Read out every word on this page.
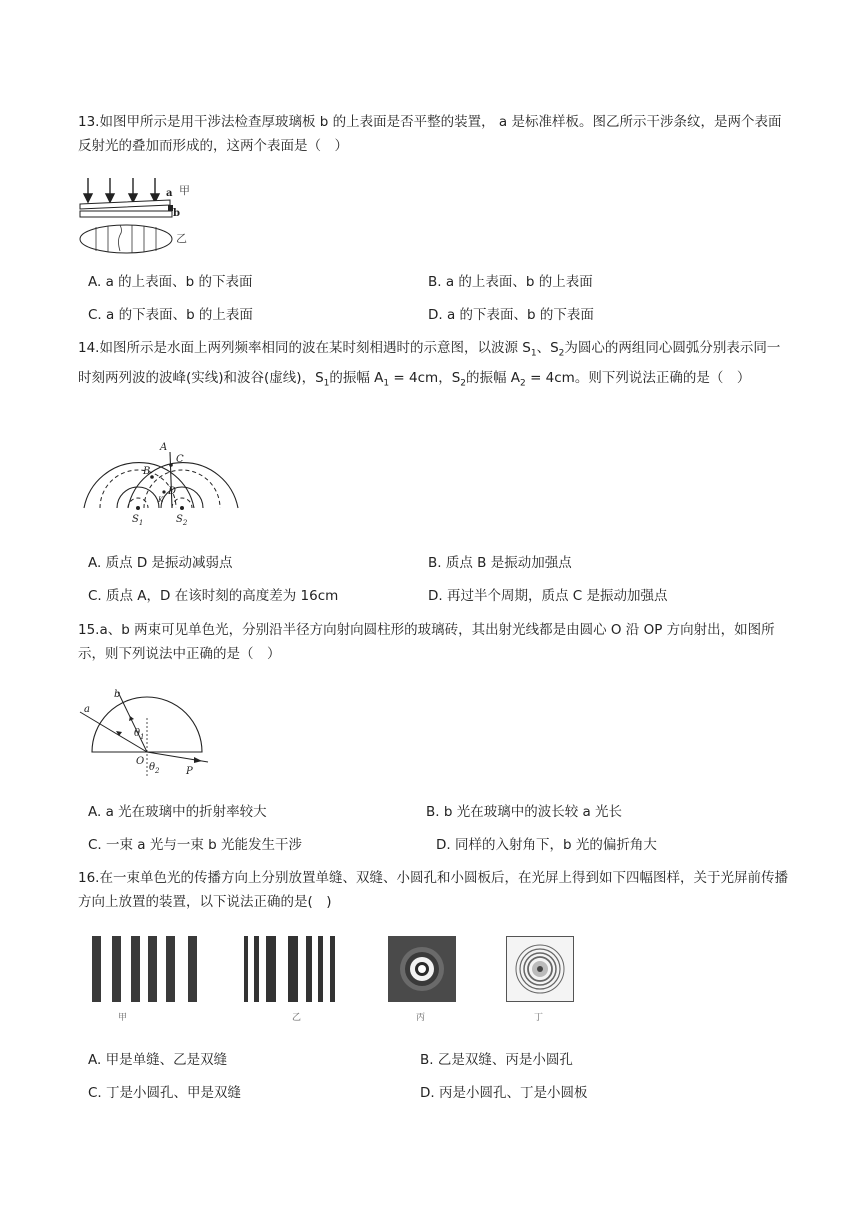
13.如图甲所示是用干涉法检查厚玻璃板 b 的上表面是否平整的装置， a 是标准样板。图乙所示干涉条纹，是两个表面反射光的叠加而形成的，这两个表面是（　）
a
b
甲
乙
A. a 的上表面、b 的下表面	B. a 的上表面、b 的上表面
C. a 的下表面、b 的上表面	D. a 的下表面、b 的下表面
14.如图所示是水面上两列频率相同的波在某时刻相遇时的示意图，以波源 $S_1$、$S_2$为圆心的两组同心圆弧分别表示同一时刻两列波的波峰(实线)和波谷(虚线)，$S_1$的振幅 $A_1 = 4cm$，$S_2$的振幅 $A_2 = 4cm$。则下列说法正确的是（　）
A
B
C
D
K
$S_1$	$S_2$
A. 质点 D 是振动减弱点	B. 质点 B 是振动加强点
C. 质点 A，D 在该时刻的高度差为 16cm	D. 再过半个周期，质点 C 是振动加强点
15.a、b 两束可见单色光，分别沿半径方向射向圆柱形的玻璃砖，其出射光线都是由圆心 O 沿 OP 方向射出，如图所示，则下列说法中正确的是（　）
a
b
$\theta_1$
$\theta_2$
O
P
A. a 光在玻璃中的折射率较大	B. b 光在玻璃中的波长较 a 光长
C. 一束 a 光与一束 b 光能发生干涉	D. 同样的入射角下，b 光的偏折角大
16.在一束单色光的传播方向上分别放置单缝、双缝、小圆孔和小圆板后，在光屏上得到如下四幅图样，关于光屏前传播方向上放置的装置，以下说法正确的是(　)
甲	乙	丙	丁
A. 甲是单缝、乙是双缝	B. 乙是双缝、丙是小圆孔
C. 丁是小圆孔、甲是双缝	D. 丙是小圆孔、丁是小圆板
